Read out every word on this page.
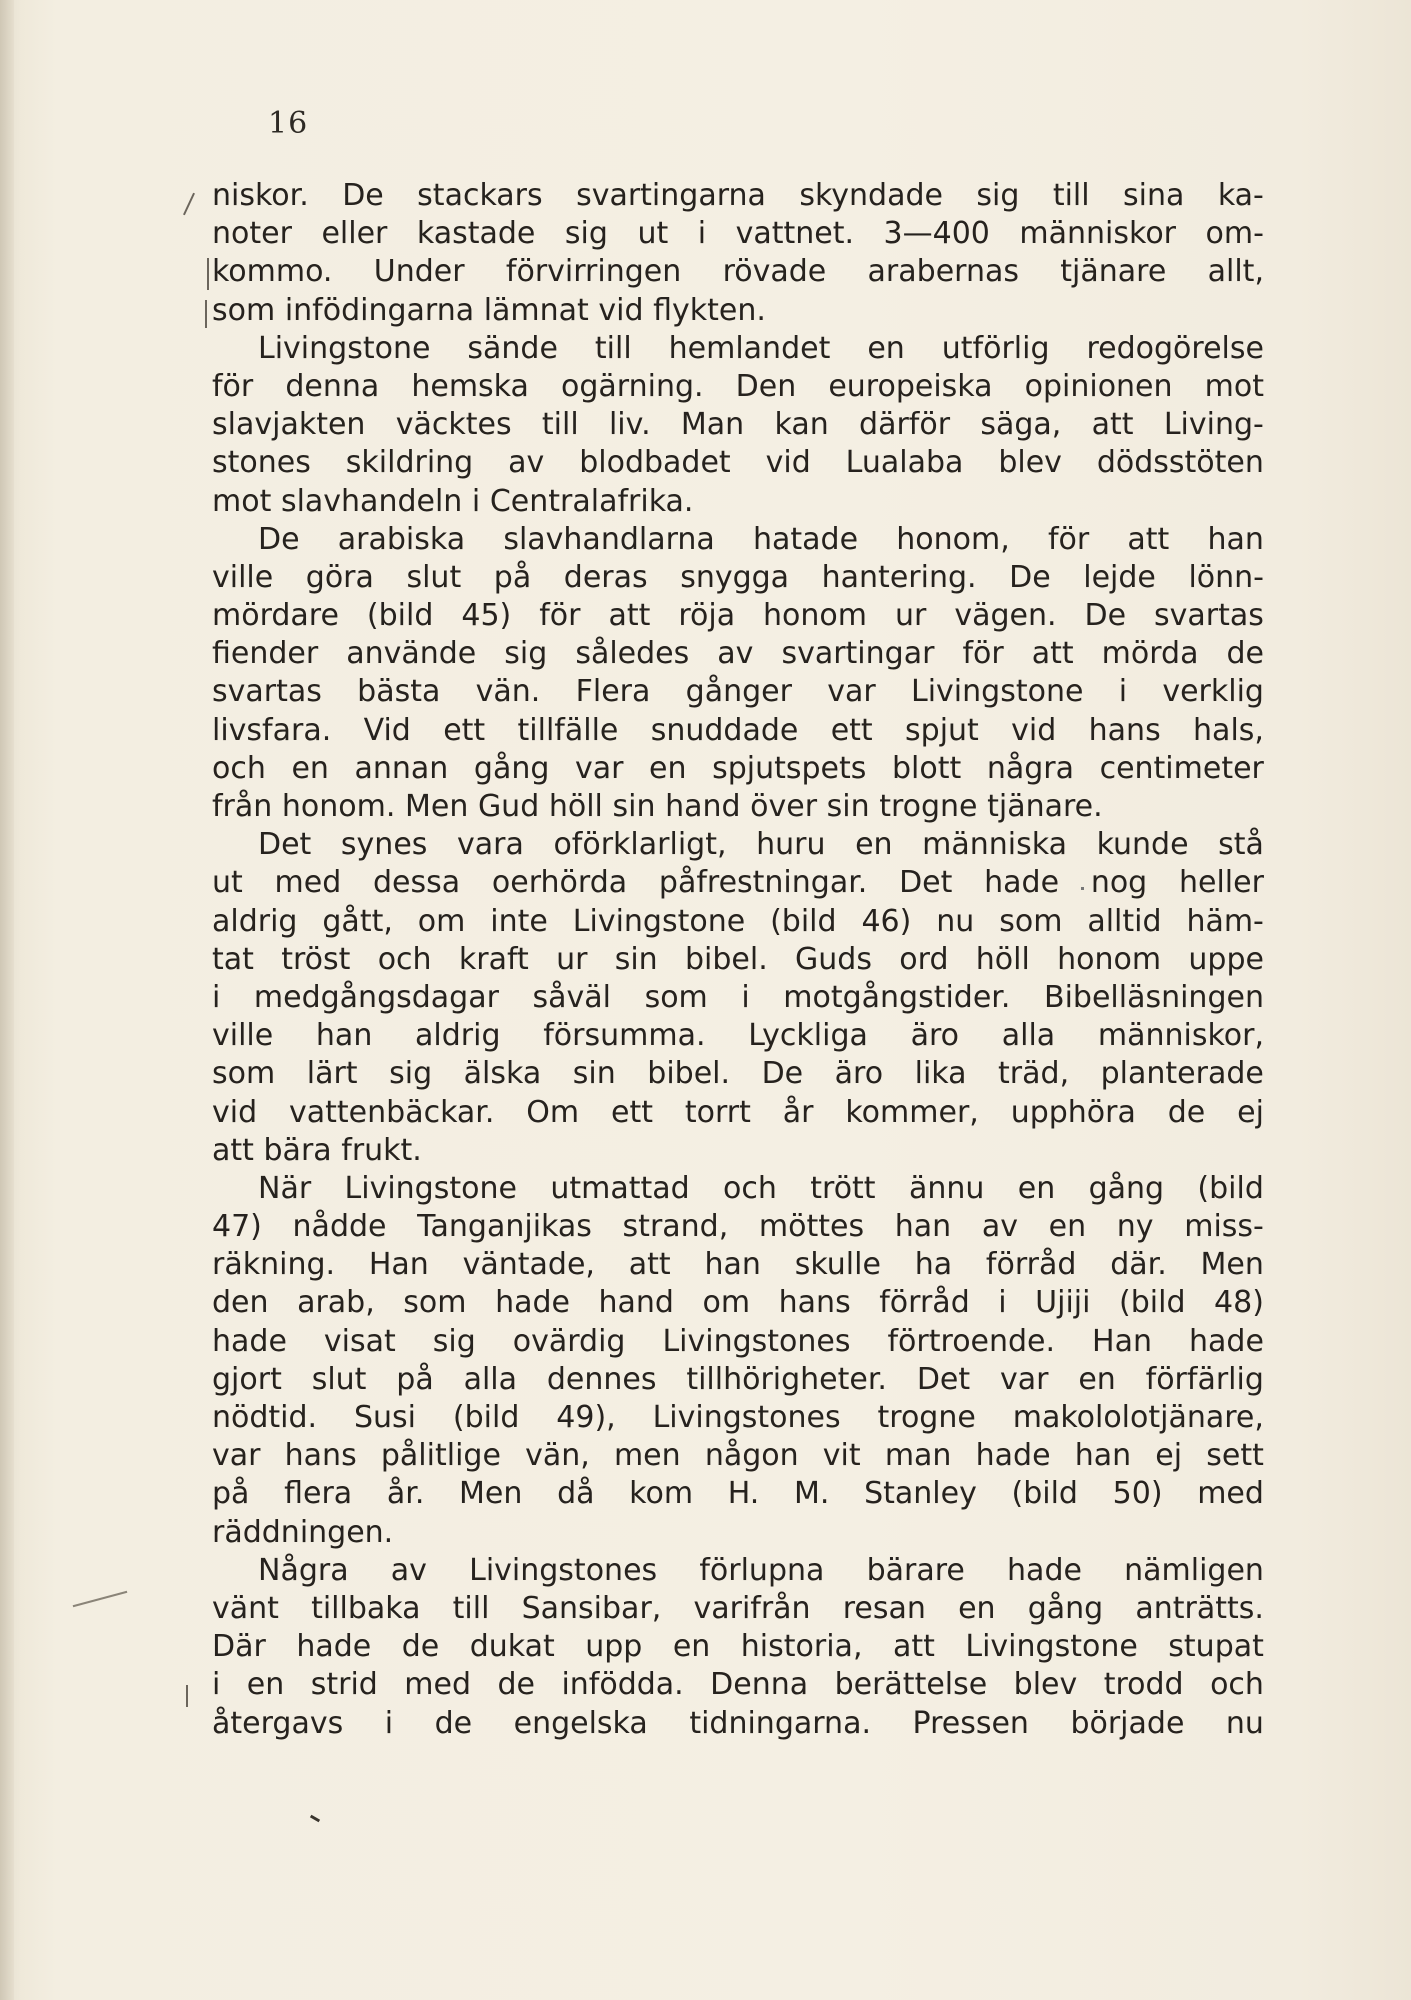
16
niskor. De stackars svartingarna skyndade sig till sina ka-
noter eller kastade sig ut i vattnet. 3—400 människor om-
kommo. Under förvirringen rövade arabernas tjänare allt,
som infödingarna lämnat vid flykten.
Livingstone sände till hemlandet en utförlig redogörelse
för denna hemska ogärning. Den europeiska opinionen mot
slavjakten väcktes till liv. Man kan därför säga, att Living-
stones skildring av blodbadet vid Lualaba blev dödsstöten
mot slavhandeln i Centralafrika.
De arabiska slavhandlarna hatade honom, för att han
ville göra slut på deras snygga hantering. De lejde lönn-
mördare (bild 45) för att röja honom ur vägen. De svartas
fiender använde sig således av svartingar för att mörda de
svartas bästa vän. Flera gånger var Livingstone i verklig
livsfara. Vid ett tillfälle snuddade ett spjut vid hans hals,
och en annan gång var en spjutspets blott några centimeter
från honom. Men Gud höll sin hand över sin trogne tjänare.
Det synes vara oförklarligt, huru en människa kunde stå
ut med dessa oerhörda påfrestningar. Det hade nog heller
aldrig gått, om inte Livingstone (bild 46) nu som alltid häm-
tat tröst och kraft ur sin bibel. Guds ord höll honom uppe
i medgångsdagar såväl som i motgångstider. Bibelläsningen
ville han aldrig försumma. Lyckliga äro alla människor,
som lärt sig älska sin bibel. De äro lika träd, planterade
vid vattenbäckar. Om ett torrt år kommer, upphöra de ej
att bära frukt.
När Livingstone utmattad och trött ännu en gång (bild
47) nådde Tanganjikas strand, möttes han av en ny miss-
räkning. Han väntade, att han skulle ha förråd där. Men
den arab, som hade hand om hans förråd i Ujiji (bild 48)
hade visat sig ovärdig Livingstones förtroende. Han hade
gjort slut på alla dennes tillhörigheter. Det var en förfärlig
nödtid. Susi (bild 49), Livingstones trogne makololotjänare,
var hans pålitlige vän, men någon vit man hade han ej sett
på flera år. Men då kom H. M. Stanley (bild 50) med
räddningen.
Några av Livingstones förlupna bärare hade nämligen
vänt tillbaka till Sansibar, varifrån resan en gång anträtts.
Där hade de dukat upp en historia, att Livingstone stupat
i en strid med de infödda. Denna berättelse blev trodd och
återgavs i de engelska tidningarna. Pressen började nu
